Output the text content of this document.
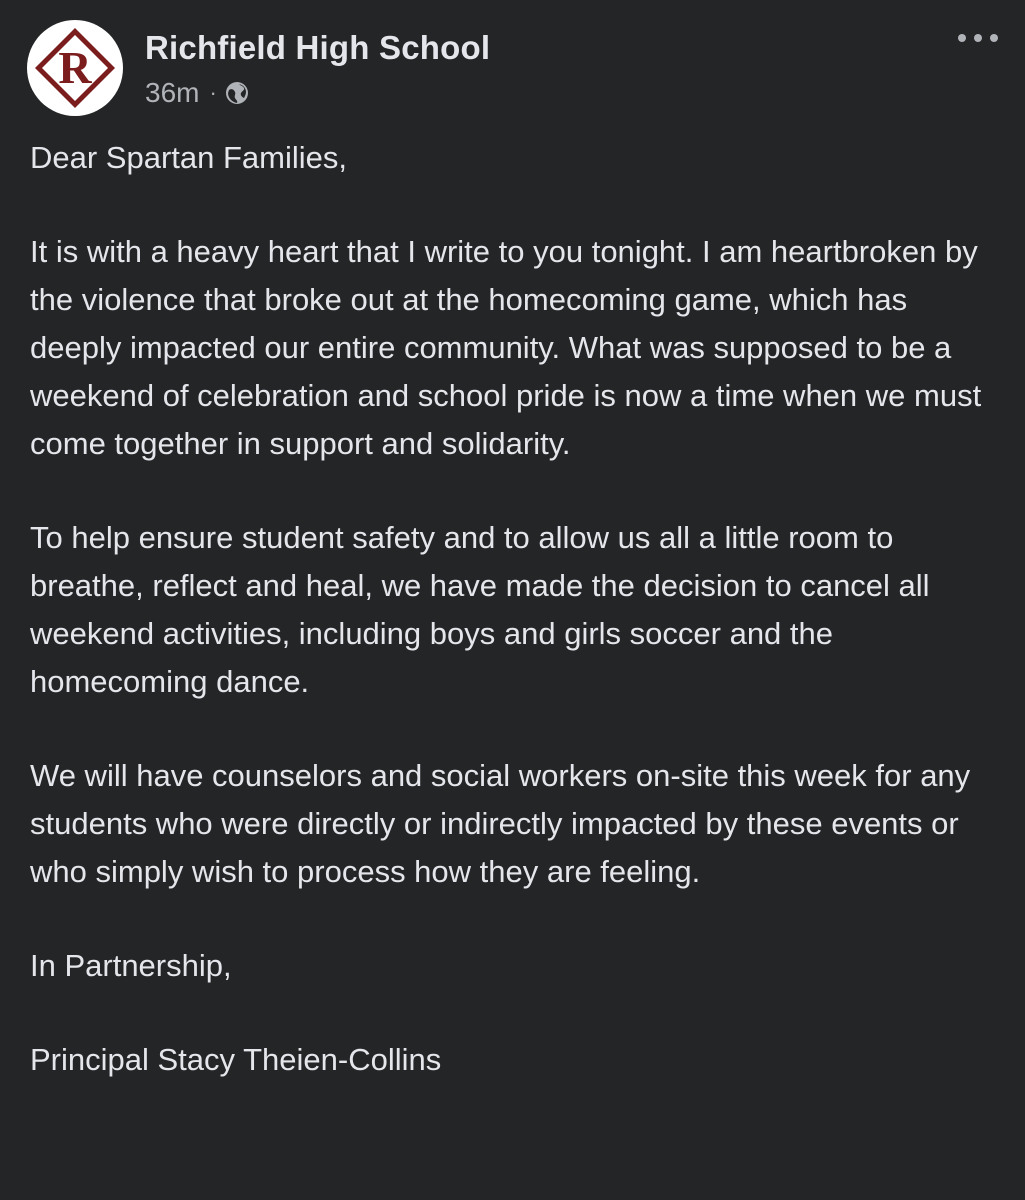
R Richfield High School
36m ·

Dear Spartan Families,

It is with a heavy heart that I write to you tonight. I am heartbroken by the violence that broke out at the homecoming game, which has deeply impacted our entire community. What was supposed to be a weekend of celebration and school pride is now a time when we must come together in support and solidarity.

To help ensure student safety and to allow us all a little room to breathe, reflect and heal, we have made the decision to cancel all weekend activities, including boys and girls soccer and the homecoming dance.

We will have counselors and social workers on-site this week for any students who were directly or indirectly impacted by these events or who simply wish to process how they are feeling.

In Partnership,

Principal Stacy Theien-Collins
